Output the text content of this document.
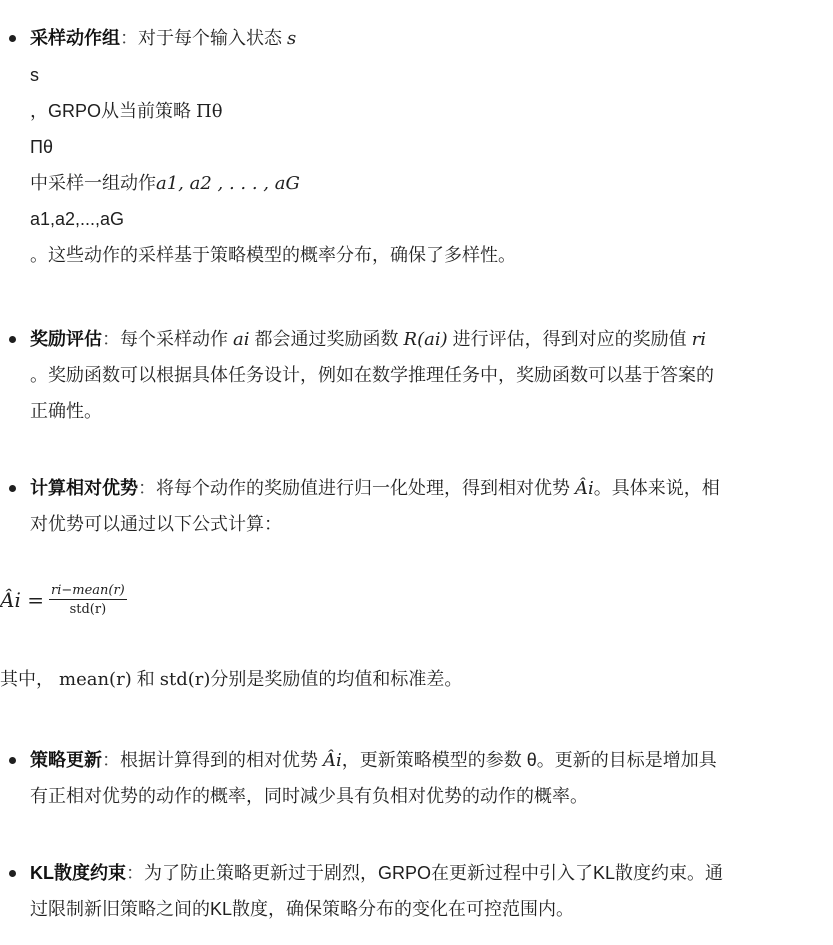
采样动作组：对于每个输入状态 s
s
，GRPO从当前策略 Πθ
Πθ
中采样一组动作a1, a2 , . . . , aG
a1,a2,...,aG
。这些动作的采样基于策略模型的概率分布，确保了多样性。
奖励评估：每个采样动作 ai 都会通过奖励函数 R(ai) 进行评估，得到对应的奖励值 ri
。奖励函数可以根据具体任务设计，例如在数学推理任务中，奖励函数可以基于答案的
正确性。
计算相对优势：将每个动作的奖励值进行归一化处理，得到相对优势 Âi。具体来说，相
对优势可以通过以下公式计算：
Âi = $\frac{\text{ri−mean(r)}}{\text{std(r)}}$
其中， mean(r) 和 std(r)分别是奖励值的均值和标准差。
策略更新：根据计算得到的相对优势 Âi，更新策略模型的参数 θ。更新的目标是增加具
有正相对优势的动作的概率，同时减少具有负相对优势的动作的概率。
KL散度约束：为了防止策略更新过于剧烈，GRPO在更新过程中引入了KL散度约束。通
过限制新旧策略之间的KL散度，确保策略分布的变化在可控范围内。
